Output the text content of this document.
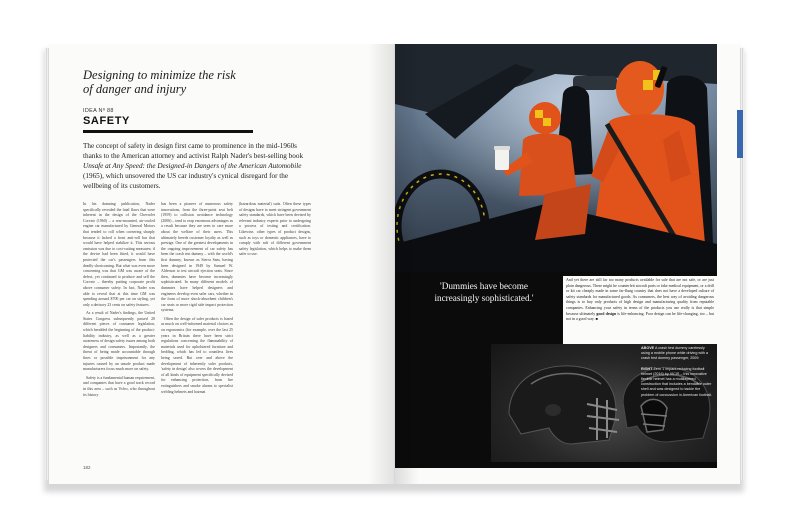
Designing to minimize the risk
of danger and injury
IDEA Nº 88
SAFETY
The concept of safety in design first came to prominence in the mid-1960s thanks to the American attorney and activist Ralph Nader's best-selling book Unsafe at Any Speed: the Designed-in Dangers of the American Automobile (1965), which unsovered the US car industry's cynical disregard for the wellbeing of its customers.

In his damning publication, Nader specifically revealed the fatal flaws that were inherent in the design of the Chevrolet Corvair (1960) – a rear-mounted, air-cooled engine car manufactured by General Motors that tended to roll when cornering sharply because it lacked a front anti-roll bar that would have helped stabilize it. This serious omission was due to cost-cutting measures; if the device had been fitted, it would have protected the car's passengers from this deadly shortcoming. But what was even more concerning was that GM was aware of the defect, yet continued to produce and sell the Corvair – thereby putting corporate profit above consumer safety. In fact, Nader was able to reveal that at this time GM was spending around $700 per car on styling, yet only a derisory 23 cents on safety features.

As a result of Nader's findings, the United States Congress subsequently passed 20 different pieces of consumer legislation, which heralded the beginning of the product-liability industry, as well as a greater awareness of design safety issues among both designers and consumers. Importantly, the threat of being made accountable through fines or possible imprisonment for any injuries caused by an unsafe product made manufacturers focus much more on safety.

Safety is a fundamental human requirement, and companies that have a good track record in this area – such as Volvo, who throughout its history

has been a pioneer of numerous safety innovations, from the three-point seat belt (1959) to collision avoidance technology (2006) – tend to reap enormous advantages as a result because they are seen to care more about the welfare of their users. This ultimately breeds customer loyalty as well as prestige. One of the greatest developments in the ongoing improvement of car safety has been the crash test dummy – with the world's first dummy, known as Sierra Sam, having been designed in 1949 by Samuel W. Alderson to test aircraft ejection seats. Since then, dummies have become increasingly sophisticated. In many different models of dummies have helped designers and engineers develop even safer cars, whether in the form of more shock-absorbent children's car seats or more rigid side impact protection systems.

Often the design of safer products is based as much on well-informed material choices as on ergonomics (for example, over the last 25 years in Britain there have been strict regulations concerning the flammability of materials used for upholstered furniture and bedding, which has led to countless lives being saved. But over and above the development of inherently safer products, 'safety in design' also covers the development of all kinds of equipment specifically devised for enhancing protection, from fire extinguishers and smoke alarms to specialist welding helmets and hazmat

(hazardous material) suits. Often these types of designs have to meet stringent government safety standards, which have been devised by relevant industry experts prior to undergoing a process of testing and certification. Likewise, other types of product designs, such as toys or domestic appliances, have to comply with raft of different government safety legislation, which helps to make them safer to use.

182
'Dummies have become
increasingly sophisticated.'
And yet there are still far too many products available for sale that are not safe, or are just plain dangerous. These might be counterfeit aircraft parts or fake medical equipment, or a drill or kit car cheaply made in some far-flung country that does not have a developed culture of safety standards for manufactured goods. As consumers, the best way of avoiding dangerous things is to buy only products of high design and manufacturing quality from reputable companies. Enhancing your safety in terms of the products you use really is that simple because ultimately good design is life-enhancing. Poor design can be life-changing, too – but not in a good way. ■

ABOVE A crash test dummy carelessly using a mobile phone while driving with a crash test dummy passenger, 2009.

RIGHT Zero 1 impact-reducing football helmet (2016) by VICIS – this innovative flexible helmet has a multilayered construction that includes a bendable outer shell and was designed to tackle the problem of concussion in American football.
